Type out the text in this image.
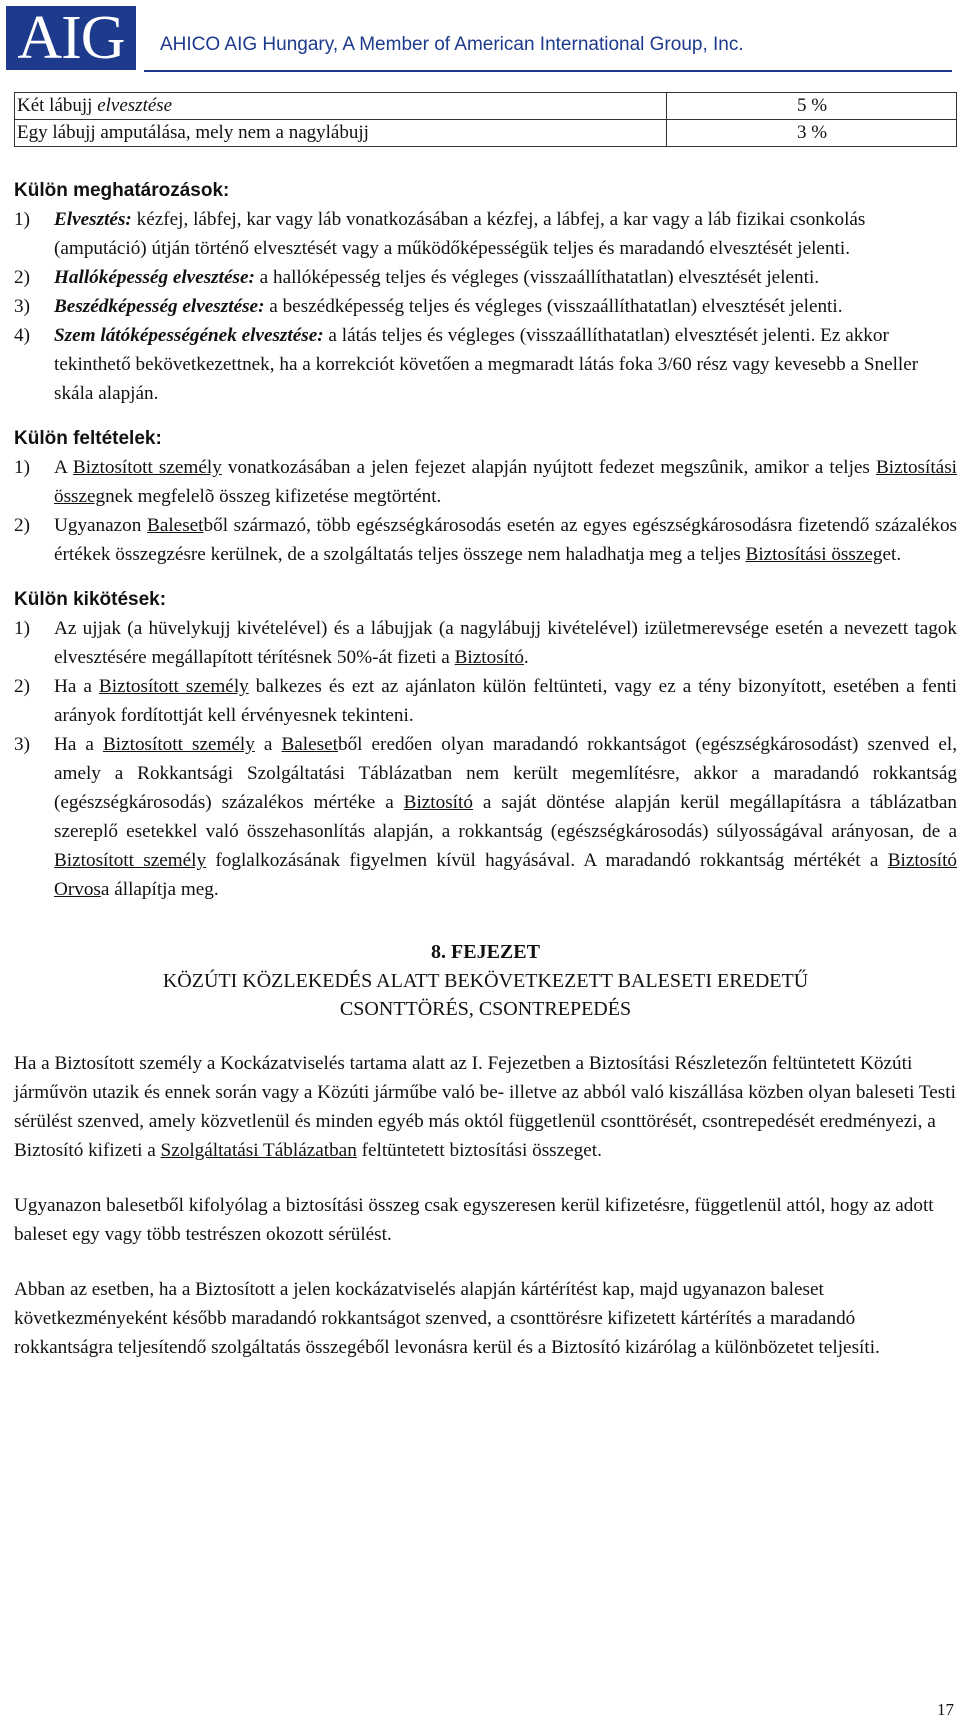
AIG	AHICO AIG Hungary, A Member of American International Group, Inc.
Két lábujj elvesztése	5 %
Egy lábujj amputálása, mely nem a nagylábujj	3 %
Külön meghatározások:
1) Elvesztés: kézfej, lábfej, kar vagy láb vonatkozásában a kézfej, a lábfej, a kar vagy a láb fizikai csonkolás (amputáció) útján történő elvesztését vagy a működőképességük teljes és maradandó elvesztését jelenti.
2) Hallóképesség elvesztése: a hallóképesség teljes és végleges (visszaállíthatatlan) elvesztését jelenti.
3) Beszédképesség elvesztése: a beszédképesség teljes és végleges (visszaállíthatatlan) elvesztését jelenti.
4) Szem látóképességének elvesztése: a látás teljes és végleges (visszaállíthatatlan) elvesztését jelenti. Ez akkor tekinthető bekövetkezettnek, ha a korrekciót követően a megmaradt látás foka 3/60 rész vagy kevesebb a Sneller skála alapján.
Külön feltételek:
1) A Biztosított személy vonatkozásában a jelen fejezet alapján nyújtott fedezet megszûnik, amikor a teljes Biztosítási összegnek megfelelõ összeg kifizetése megtörtént.
2) Ugyanazon Balesetből származó, több egészségkárosodás esetén az egyes egészségkárosodásra fizetendő százalékos értékek összegzésre kerülnek, de a szolgáltatás teljes összege nem haladhatja meg a teljes Biztosítási összeget.
Külön kikötések:
1) Az ujjak (a hüvelykujj kivételével) és a lábujjak (a nagylábujj kivételével) izületmerevsége esetén a nevezett tagok elvesztésére megállapított térítésnek 50%-át fizeti a Biztosító.
2) Ha a Biztosított személy balkezes és ezt az ajánlaton külön feltünteti, vagy ez a tény bizonyított, esetében a fenti arányok fordítottját kell érvényesnek tekinteni.
3) Ha a Biztosított személy a Balesetből eredően olyan maradandó rokkantságot (egészségkárosodást) szenved el, amely a Rokkantsági Szolgáltatási Táblázatban nem került megemlítésre, akkor a maradandó rokkantság (egészségkárosodás) százalékos mértéke a Biztosító a saját döntése alapján kerül megállapításra a táblázatban szereplő esetekkel való összehasonlítás alapján, a rokkantság (egészségkárosodás) súlyosságával arányosan, de a Biztosított személy foglalkozásának figyelmen kívül hagyásával. A maradandó rokkantság mértékét a Biztosító Orvosa állapítja meg.
8. FEJEZET
KÖZÚTI KÖZLEKEDÉS ALATT BEKÖVETKEZETT BALESETI EREDETŰ
CSONTTÖRÉS, CSONTREPEDÉS

Ha a Biztosított személy a Kockázatviselés tartama alatt az I. Fejezetben a Biztosítási Részletezőn feltüntetett Közúti járművön utazik és ennek során vagy a Közúti járműbe való be- illetve az abból való kiszállása közben olyan baleseti Testi sérülést szenved, amely közvetlenül és minden egyéb más októl függetlenül csonttörését, csontrepedését eredményezi, a Biztosító kifizeti a Szolgáltatási Táblázatban feltüntetett biztosítási összeget.

Ugyanazon balesetből kifolyólag a biztosítási összeg csak egyszeresen kerül kifizetésre, függetlenül attól, hogy az adott baleset egy vagy több testrészen okozott sérülést.

Abban az esetben, ha a Biztosított a jelen kockázatviselés alapján kártérítést kap, majd ugyanazon baleset következményeként később maradandó rokkantságot szenved, a csonttörésre kifizetett kártérítés a maradandó rokkantságra teljesítendő szolgáltatás összegéből levonásra kerül és a Biztosító kizárólag a különbözetet teljesíti.

17
